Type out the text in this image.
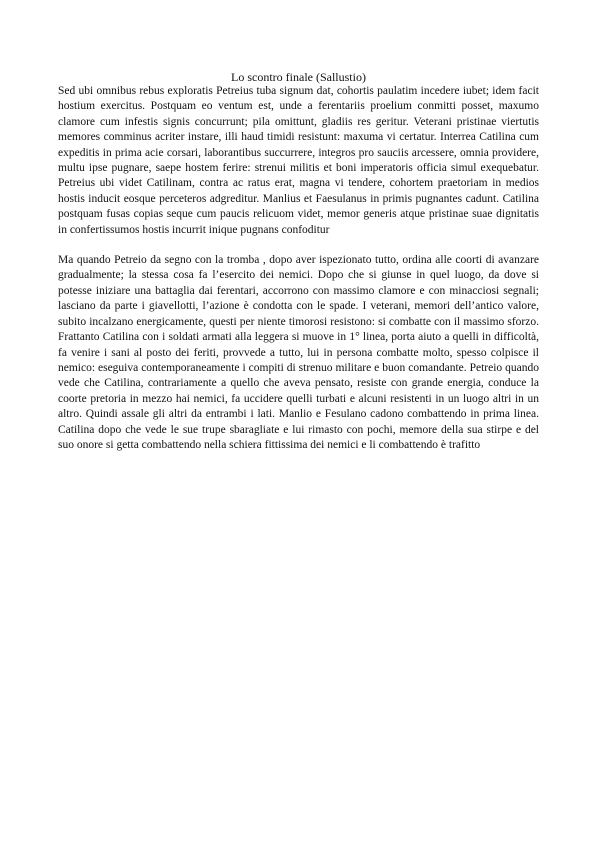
Lo scontro finale (Sallustio)

Sed ubi omnibus rebus exploratis Petreius tuba signum dat, cohortis paulatim incedere iubet; idem facit hostium exercitus. Postquam eo ventum est, unde a ferentariis proelium conmitti posset, maxumo clamore cum infestis signis concurrunt; pila omittunt, gladiis res geritur. Veterani pristinae viertutis memores comminus acriter instare, illi haud timidi resistunt: maxuma vi certatur. Interrea Catilina cum expeditis in prima acie corsari, laborantibus succurrere, integros pro sauciis arcessere, omnia providere, multu ipse pugnare, saepe hostem ferire: strenui militis et boni imperatoris officia simul exequebatur. Petreius ubi videt Catilinam, contra ac ratus erat, magna vi tendere, cohortem praetoriam in medios hostis inducit eosque perceteros adgreditur. Manlius et Faesulanus in primis pugnantes cadunt. Catilina postquam fusas copias seque cum paucis relicuom videt, memor generis atque pristinae suae dignitatis in confertissumos hostis incurrit inique pugnans confoditur

Ma quando Petreio da segno con la tromba , dopo aver ispezionato tutto, ordina alle coorti di avanzare gradualmente; la stessa cosa fa l’esercito dei nemici. Dopo che si giunse in quel luogo, da dove si potesse iniziare una battaglia dai ferentari, accorrono con massimo clamore e con minacciosi segnali; lasciano da parte i giavellotti, l’azione è condotta con le spade. I veterani, memori dell’antico valore, subito incalzano energicamente, questi per niente timorosi resistono: si combatte con il massimo sforzo. Frattanto Catilina con i soldati armati alla leggera si muove in 1° linea, porta aiuto a quelli in difficoltà, fa venire i sani al posto dei feriti, provvede a tutto, lui in persona combatte molto, spesso colpisce il nemico: eseguiva contemporaneamente i compiti di strenuo militare e buon comandante. Petreio quando vede che Catilina, contrariamente a quello che aveva pensato, resiste con grande energia, conduce la coorte pretoria in mezzo hai nemici, fa uccidere quelli turbati e alcuni resistenti in un luogo altri in un altro. Quindi assale gli altri da entrambi i lati. Manlio e Fesulano cadono combattendo in prima linea. Catilina dopo che vede le sue trupe sbaragliate e lui rimasto con pochi, memore della sua stirpe e del suo onore si getta combattendo nella schiera fittissima dei nemici e li combattendo è trafitto
